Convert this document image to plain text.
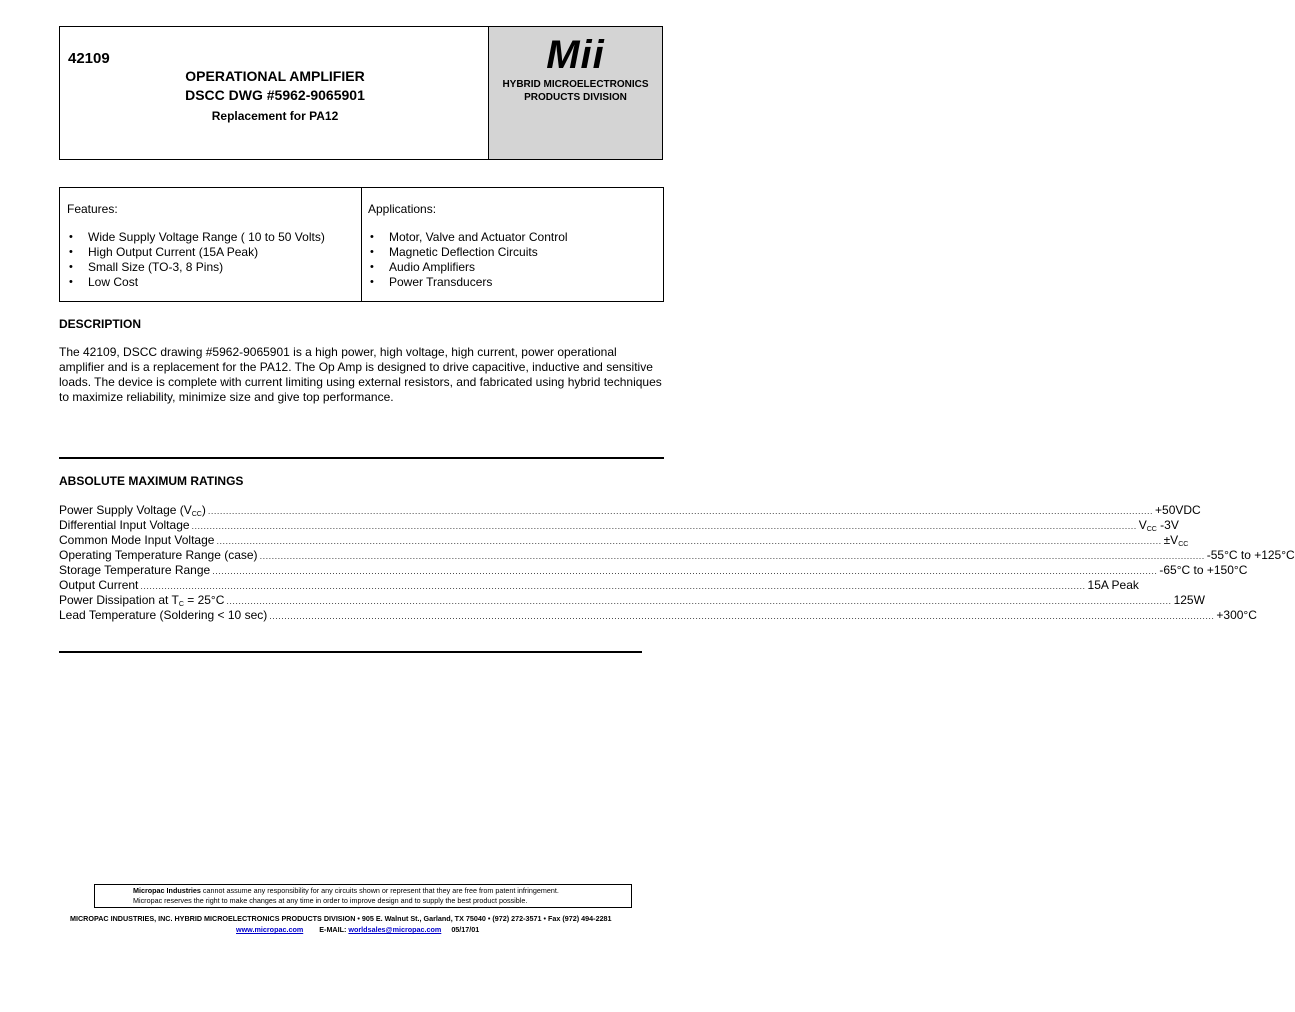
42109
OPERATIONAL AMPLIFIER
DSCC DWG #5962-9065901
Replacement for PA12
Mii
HYBRID MICROELECTRONICS
PRODUCTS DIVISION
Features:
• Wide Supply Voltage Range ( 10 to 50 Volts)
• High Output Current (15A Peak)
• Small Size (TO-3, 8 Pins)
• Low Cost
Applications:
• Motor, Valve and Actuator Control
• Magnetic Deflection Circuits
• Audio Amplifiers
• Power Transducers
DESCRIPTION
The 42109, DSCC drawing #5962-9065901 is a high power, high voltage, high current, power operational amplifier and is a replacement for the PA12. The Op Amp is designed to drive capacitive, inductive and sensitive loads. The device is complete with current limiting using external resistors, and fabricated using hybrid techniques to maximize reliability, minimize size and give top performance.
ABSOLUTE MAXIMUM RATINGS
Power Supply Voltage $(V_{CC})$ ........................................................................................................................................................................................................................................................................................................................... +50VDC
Differential Input Voltage ........................................................................................................................................................................................................................................................................................................................... $V_{CC}$ -3V
Common Mode Input Voltage ........................................................................................................................................................................................................................................................................................................................... $\pm V_{CC}$
Operating Temperature Range (case) ........................................................................................................................................................................................................................................................................................................................... -55°C to +125°C
Storage Temperature Range ........................................................................................................................................................................................................................................................................................................................... -65°C to +150°C
Output Current ........................................................................................................................................................................................................................................................................................................................... 15A Peak
Power Dissipation at $T_C = 25^\circ C$ ........................................................................................................................................................................................................................................................................................................................... 125W
Lead Temperature (Soldering < 10 sec) ........................................................................................................................................................................................................................................................................................................................... +300°C
Micropac Industries cannot assume any responsibility for any circuits shown or represent that they are free from patent infringement.
Micropac reserves the right to make changes at any time in order to improve design and to supply the best product possible.
MICROPAC INDUSTRIES, INC. HYBRID MICROELECTRONICS PRODUCTS DIVISION • 905 E. Walnut St., Garland, TX 75040 • (972) 272-3571 • Fax (972) 494-2281
www.micropac.com E-MAIL: worldsales@micropac.com 05/17/01
